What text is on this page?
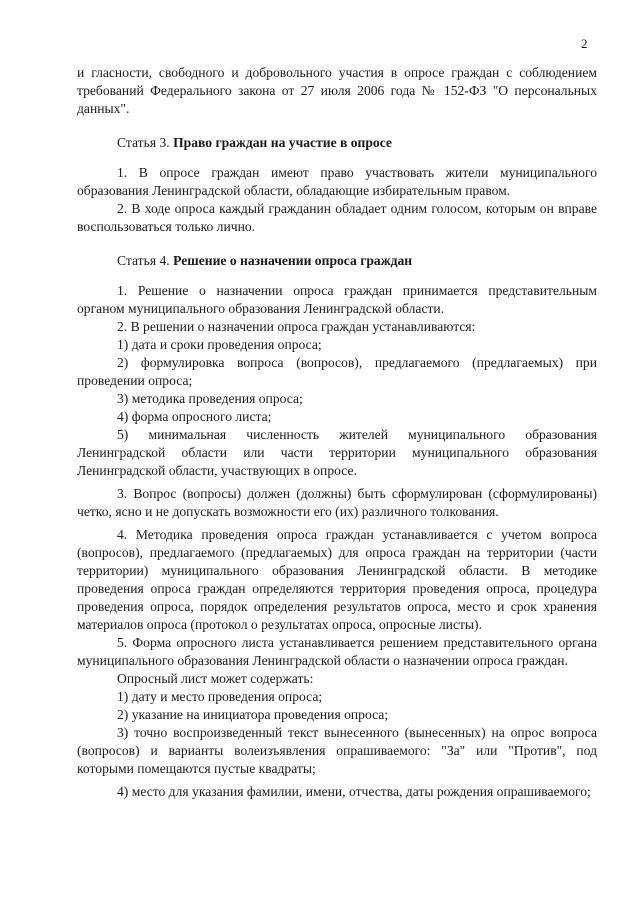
2

и гласности, свободного и добровольного участия в опросе граждан с соблюдением требований Федерального закона от 27 июля 2006 года № 152-ФЗ "О персональных данных".

Статья 3. Право граждан на участие в опросе

1. В опросе граждан имеют право участвовать жители муниципального образования Ленинградской области, обладающие избирательным правом.

2. В ходе опроса каждый гражданин обладает одним голосом, которым он вправе воспользоваться только лично.

Статья 4. Решение о назначении опроса граждан

1. Решение о назначении опроса граждан принимается представительным органом муниципального образования Ленинградской области.

2. В решении о назначении опроса граждан устанавливаются:

1) дата и сроки проведения опроса;

2) формулировка вопроса (вопросов), предлагаемого (предлагаемых) при проведении опроса;

3) методика проведения опроса;

4) форма опросного листа;

5) минимальная численность жителей муниципального образования Ленинградской области или части территории муниципального образования Ленинградской области, участвующих в опросе.

3. Вопрос (вопросы) должен (должны) быть сформулирован (сформулированы) четко, ясно и не допускать возможности его (их) различного толкования.

4. Методика проведения опроса граждан устанавливается с учетом вопроса (вопросов), предлагаемого (предлагаемых) для опроса граждан на территории (части территории) муниципального образования Ленинградской области. В методике проведения опроса граждан определяются территория проведения опроса, процедура проведения опроса, порядок определения результатов опроса, место и срок хранения материалов опроса (протокол о результатах опроса, опросные листы).

5. Форма опросного листа устанавливается решением представительного органа муниципального образования Ленинградской области о назначении опроса граждан.

Опросный лист может содержать:

1) дату и место проведения опроса;

2) указание на инициатора проведения опроса;

3) точно воспроизведенный текст вынесенного (вынесенных) на опрос вопроса (вопросов) и варианты волеизъявления опрашиваемого: "За" или "Против", под которыми помещаются пустые квадраты;

4) место для указания фамилии, имени, отчества, даты рождения опрашиваемого;
